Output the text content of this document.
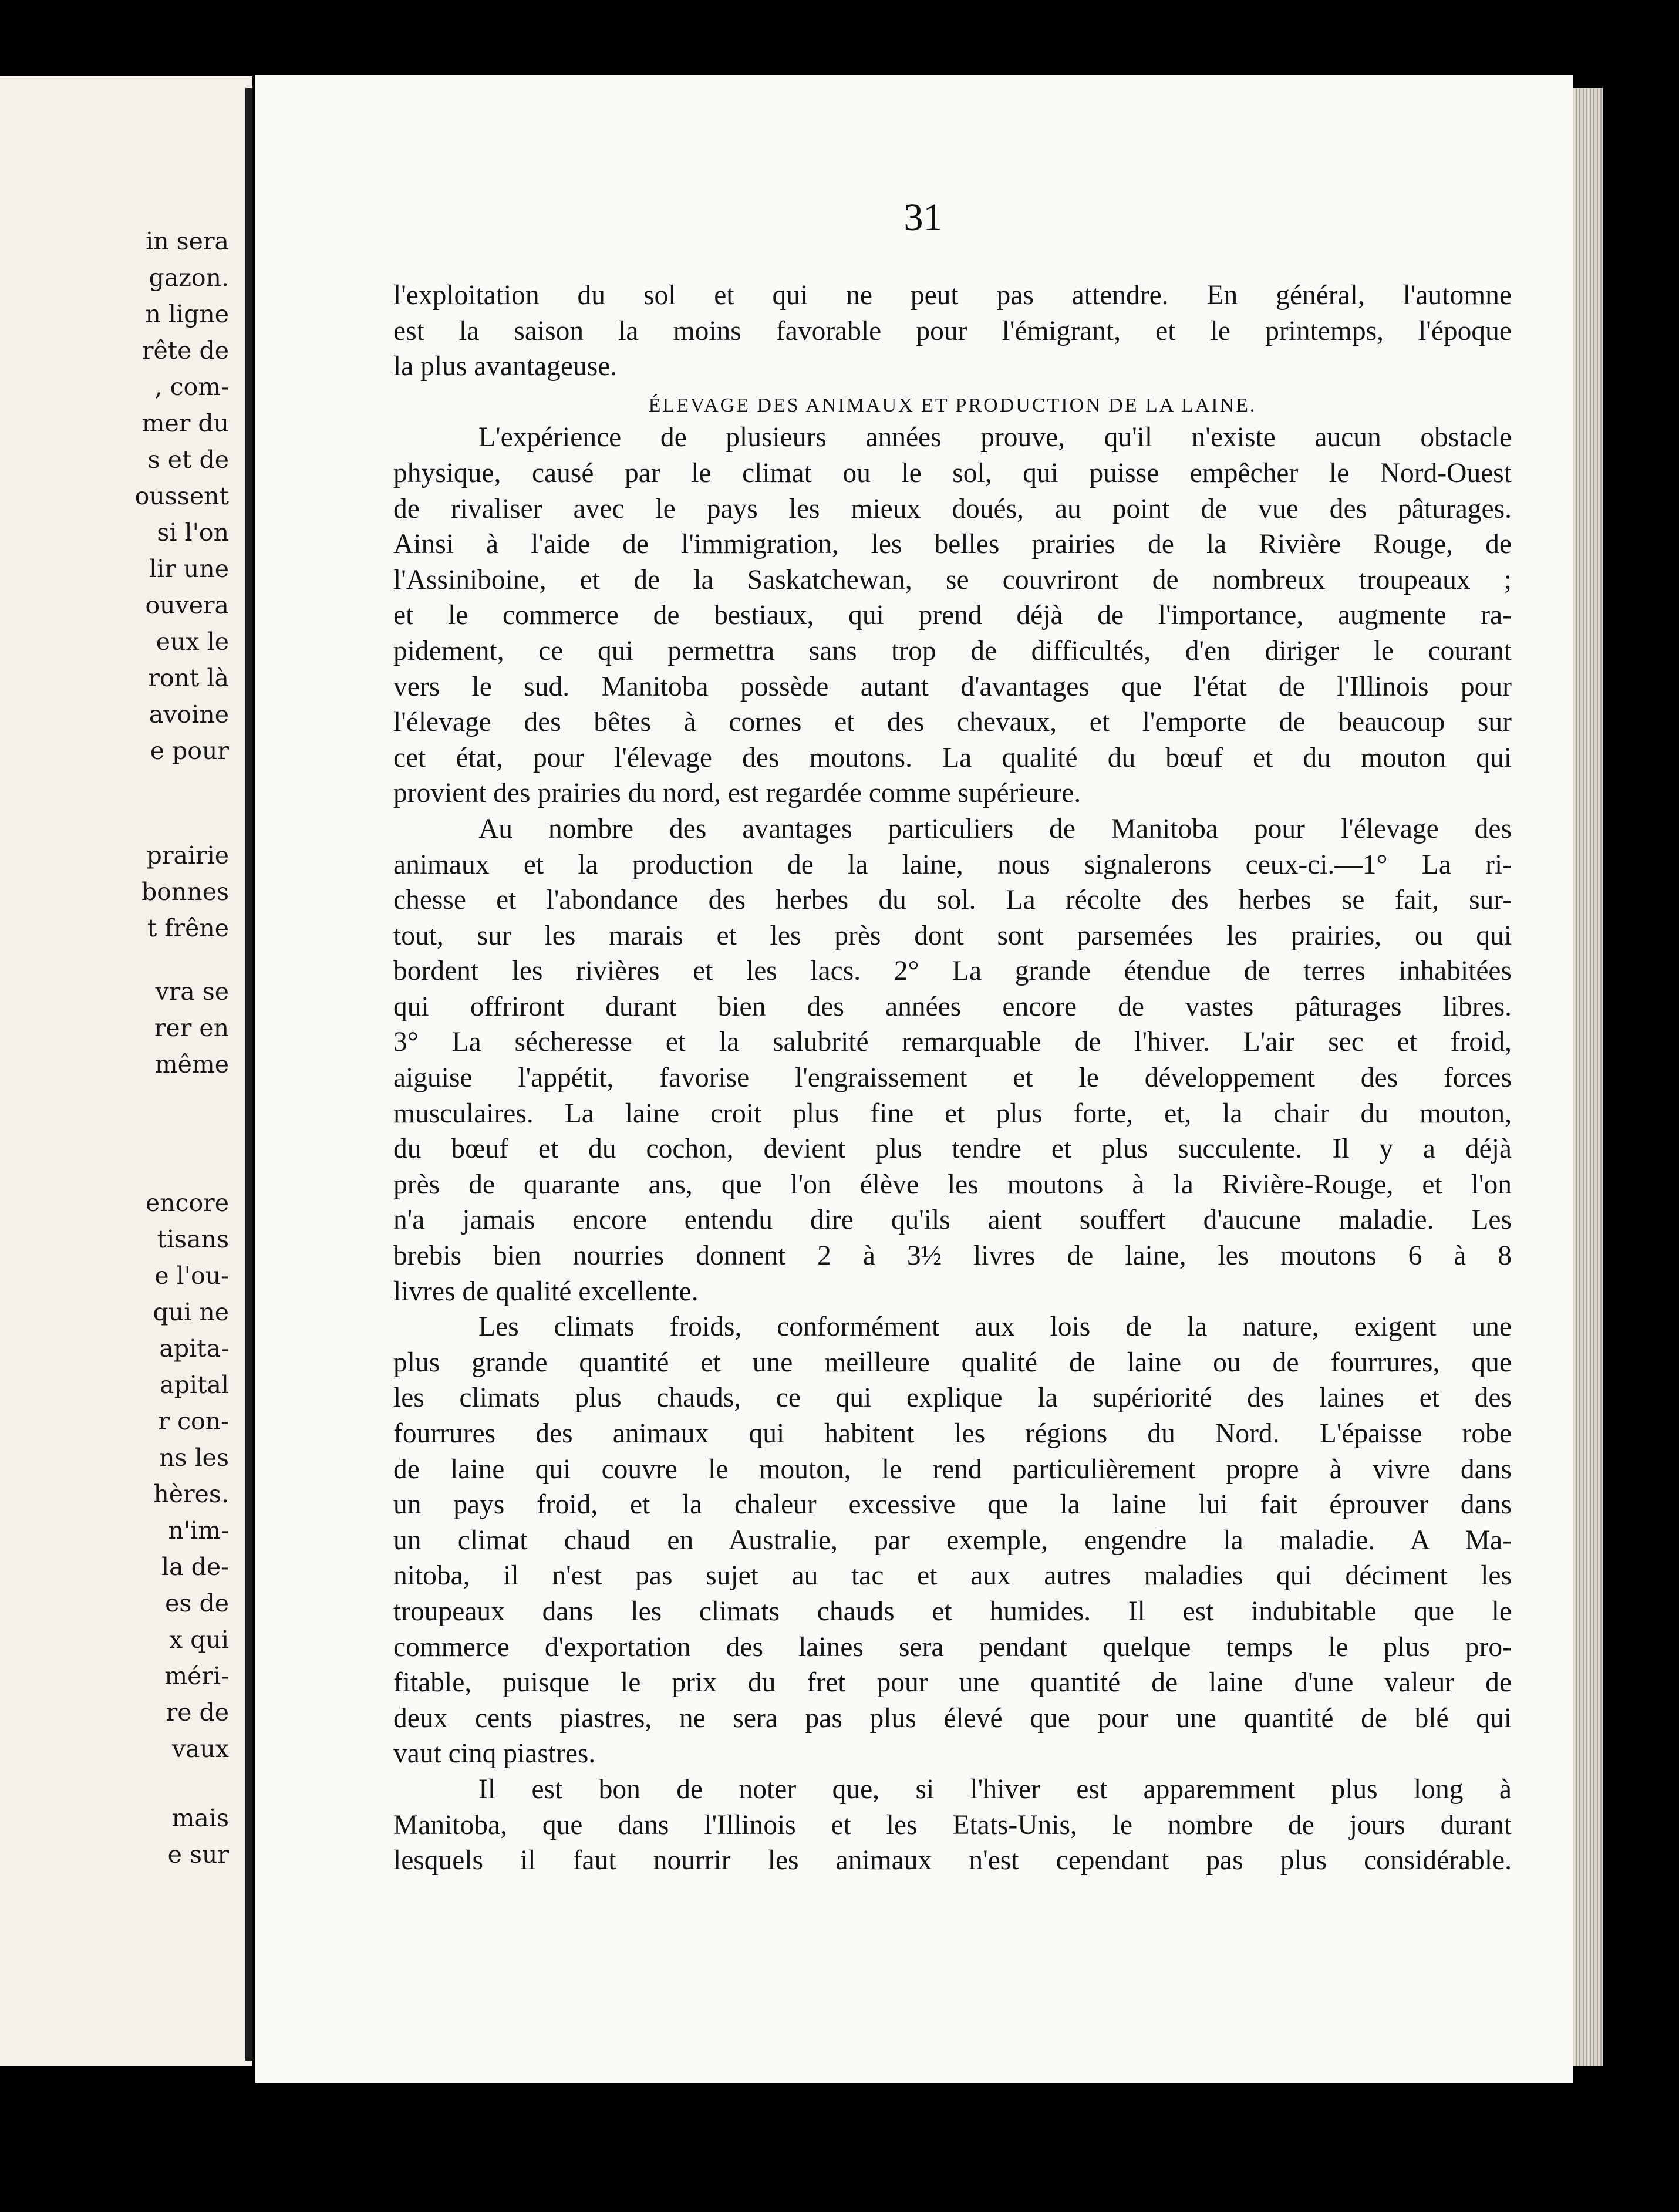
in sera
gazon.
n ligne
rête de
, com-
mer du
s et de
oussent
si l'on
lir une
ouvera
eux le
ront là
avoine
e pour
prairie
bonnes
t frêne
vra se
rer en
même
encore
tisans
e l'ou-
qui ne
apita-
apital
r con-
ns les
hères.
n'im-
la de-
es de
x qui
méri-
re de
vaux
mais
e sur
31
l'exploitation du sol et qui ne peut pas attendre. En général, l'automne
est la saison la moins favorable pour l'émigrant, et le printemps, l'époque
la plus avantageuse.
ÉLEVAGE DES ANIMAUX ET PRODUCTION DE LA LAINE.
L'expérience de plusieurs années prouve, qu'il n'existe aucun obstacle
physique, causé par le climat ou le sol, qui puisse empêcher le Nord-Ouest
de rivaliser avec le pays les mieux doués, au point de vue des pâturages.
Ainsi à l'aide de l'immigration, les belles prairies de la Rivière Rouge, de
l'Assiniboine, et de la Saskatchewan, se couvriront de nombreux troupeaux ;
et le commerce de bestiaux, qui prend déjà de l'importance, augmente ra-
pidement, ce qui permettra sans trop de difficultés, d'en diriger le courant
vers le sud. Manitoba possède autant d'avantages que l'état de l'Illinois pour
l'élevage des bêtes à cornes et des chevaux, et l'emporte de beaucoup sur
cet état, pour l'élevage des moutons. La qualité du bœuf et du mouton qui
provient des prairies du nord, est regardée comme supérieure.
Au nombre des avantages particuliers de Manitoba pour l'élevage des
animaux et la production de la laine, nous signalerons ceux-ci.—1° La ri-
chesse et l'abondance des herbes du sol. La récolte des herbes se fait, sur-
tout, sur les marais et les près dont sont parsemées les prairies, ou qui
bordent les rivières et les lacs. 2° La grande étendue de terres inhabitées
qui offriront durant bien des années encore de vastes pâturages libres.
3° La sécheresse et la salubrité remarquable de l'hiver. L'air sec et froid,
aiguise l'appétit, favorise l'engraissement et le développement des forces
musculaires. La laine croit plus fine et plus forte, et, la chair du mouton,
du bœuf et du cochon, devient plus tendre et plus succulente. Il y a déjà
près de quarante ans, que l'on élève les moutons à la Rivière-Rouge, et l'on
n'a jamais encore entendu dire qu'ils aient souffert d'aucune maladie. Les
brebis bien nourries donnent 2 à 3½ livres de laine, les moutons 6 à 8
livres de qualité excellente.
Les climats froids, conformément aux lois de la nature, exigent une
plus grande quantité et une meilleure qualité de laine ou de fourrures, que
les climats plus chauds, ce qui explique la supériorité des laines et des
fourrures des animaux qui habitent les régions du Nord. L'épaisse robe
de laine qui couvre le mouton, le rend particulièrement propre à vivre dans
un pays froid, et la chaleur excessive que la laine lui fait éprouver dans
un climat chaud en Australie, par exemple, engendre la maladie. A Ma-
nitoba, il n'est pas sujet au tac et aux autres maladies qui déciment les
troupeaux dans les climats chauds et humides. Il est indubitable que le
commerce d'exportation des laines sera pendant quelque temps le plus pro-
fitable, puisque le prix du fret pour une quantité de laine d'une valeur de
deux cents piastres, ne sera pas plus élevé que pour une quantité de blé qui
vaut cinq piastres.
Il est bon de noter que, si l'hiver est apparemment plus long à
Manitoba, que dans l'Illinois et les Etats-Unis, le nombre de jours durant
lesquels il faut nourrir les animaux n'est cependant pas plus considérable.
